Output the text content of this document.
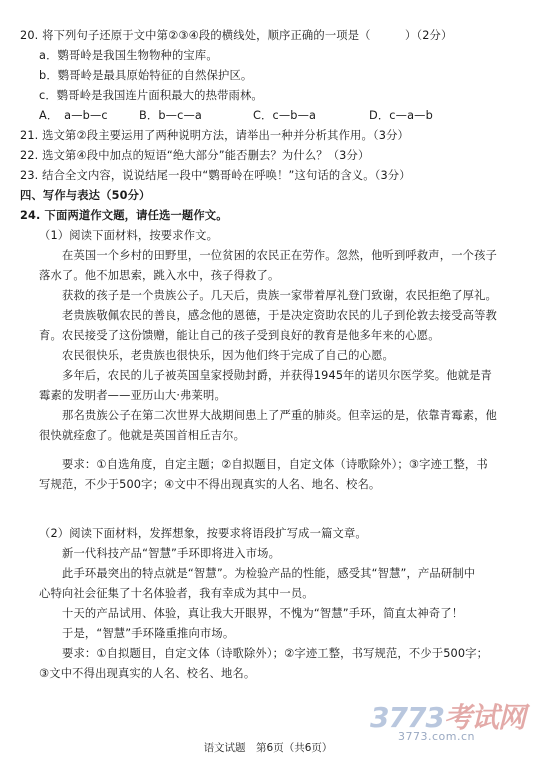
20. 将下列句子还原于文中第②③④段的横线处，顺序正确的一项是（　　　）（2分）
a．鹦哥岭是我国生物物种的宝库。
b．鹦哥岭是最具原始特征的自然保护区。
c．鹦哥岭是我国连片面积最大的热带雨林。
A．　a—b—c	B．b—c—a	C．c—b—a	D．c—a—b
21. 选文第②段主要运用了两种说明方法，请举出一种并分析其作用。（3分）
22. 选文第④段中加点的短语“绝大部分”能否删去？为什么？（3分）
23. 结合全文内容，说说结尾一段中“鹦哥岭在呼唤！”这句话的含义。（3分）
四、写作与表达（50分）
24. 下面两道作文题，请任选一题作文。
（1）阅读下面材料，按要求作文。
在英国一个乡村的田野里，一位贫困的农民正在劳作。忽然，他听到呼救声，一个孩子
落水了。他不加思索，跳入水中，孩子得救了。
获救的孩子是一个贵族公子。几天后，贵族一家带着厚礼登门致谢，农民拒绝了厚礼。
老贵族敬佩农民的善良，感念他的恩德，于是决定资助农民的儿子到伦敦去接受高等教
育。农民接受了这份馈赠，能让自己的孩子受到良好的教育是他多年来的心愿。
农民很快乐，老贵族也很快乐，因为他们终于完成了自己的心愿。
多年后，农民的儿子被英国皇家授勋封爵，并获得1945年的诺贝尔医学奖。他就是青
霉素的发明者——亚历山大·弗莱明。
那名贵族公子在第二次世界大战期间患上了严重的肺炎。但幸运的是，依靠青霉素，他
很快就痊愈了。他就是英国首相丘吉尔。
要求：①自选角度，自定主题；②自拟题目，自定文体（诗歌除外）；③字迹工整，书
写规范，不少于500字；④文中不得出现真实的人名、地名、校名。
（2）阅读下面材料，发挥想象，按要求将语段扩写成一篇文章。
新一代科技产品“智慧”手环即将进入市场。
此手环最突出的特点就是“智慧”。为检验产品的性能，感受其“智慧”，产品研制中
心特向社会征集了十名体验者，我有幸成为其中一员。
十天的产品试用、体验，真让我大开眼界，不愧为“智慧”手环，简直太神奇了！
于是，“智慧”手环隆重推向市场。
要求：①自拟题目，自定文体（诗歌除外）；②字迹工整，书写规范，不少于500字；
③文中不得出现真实的人名、校名、地名。
3773考试网
3773.com.cn
语文试题　第6页（共6页）
